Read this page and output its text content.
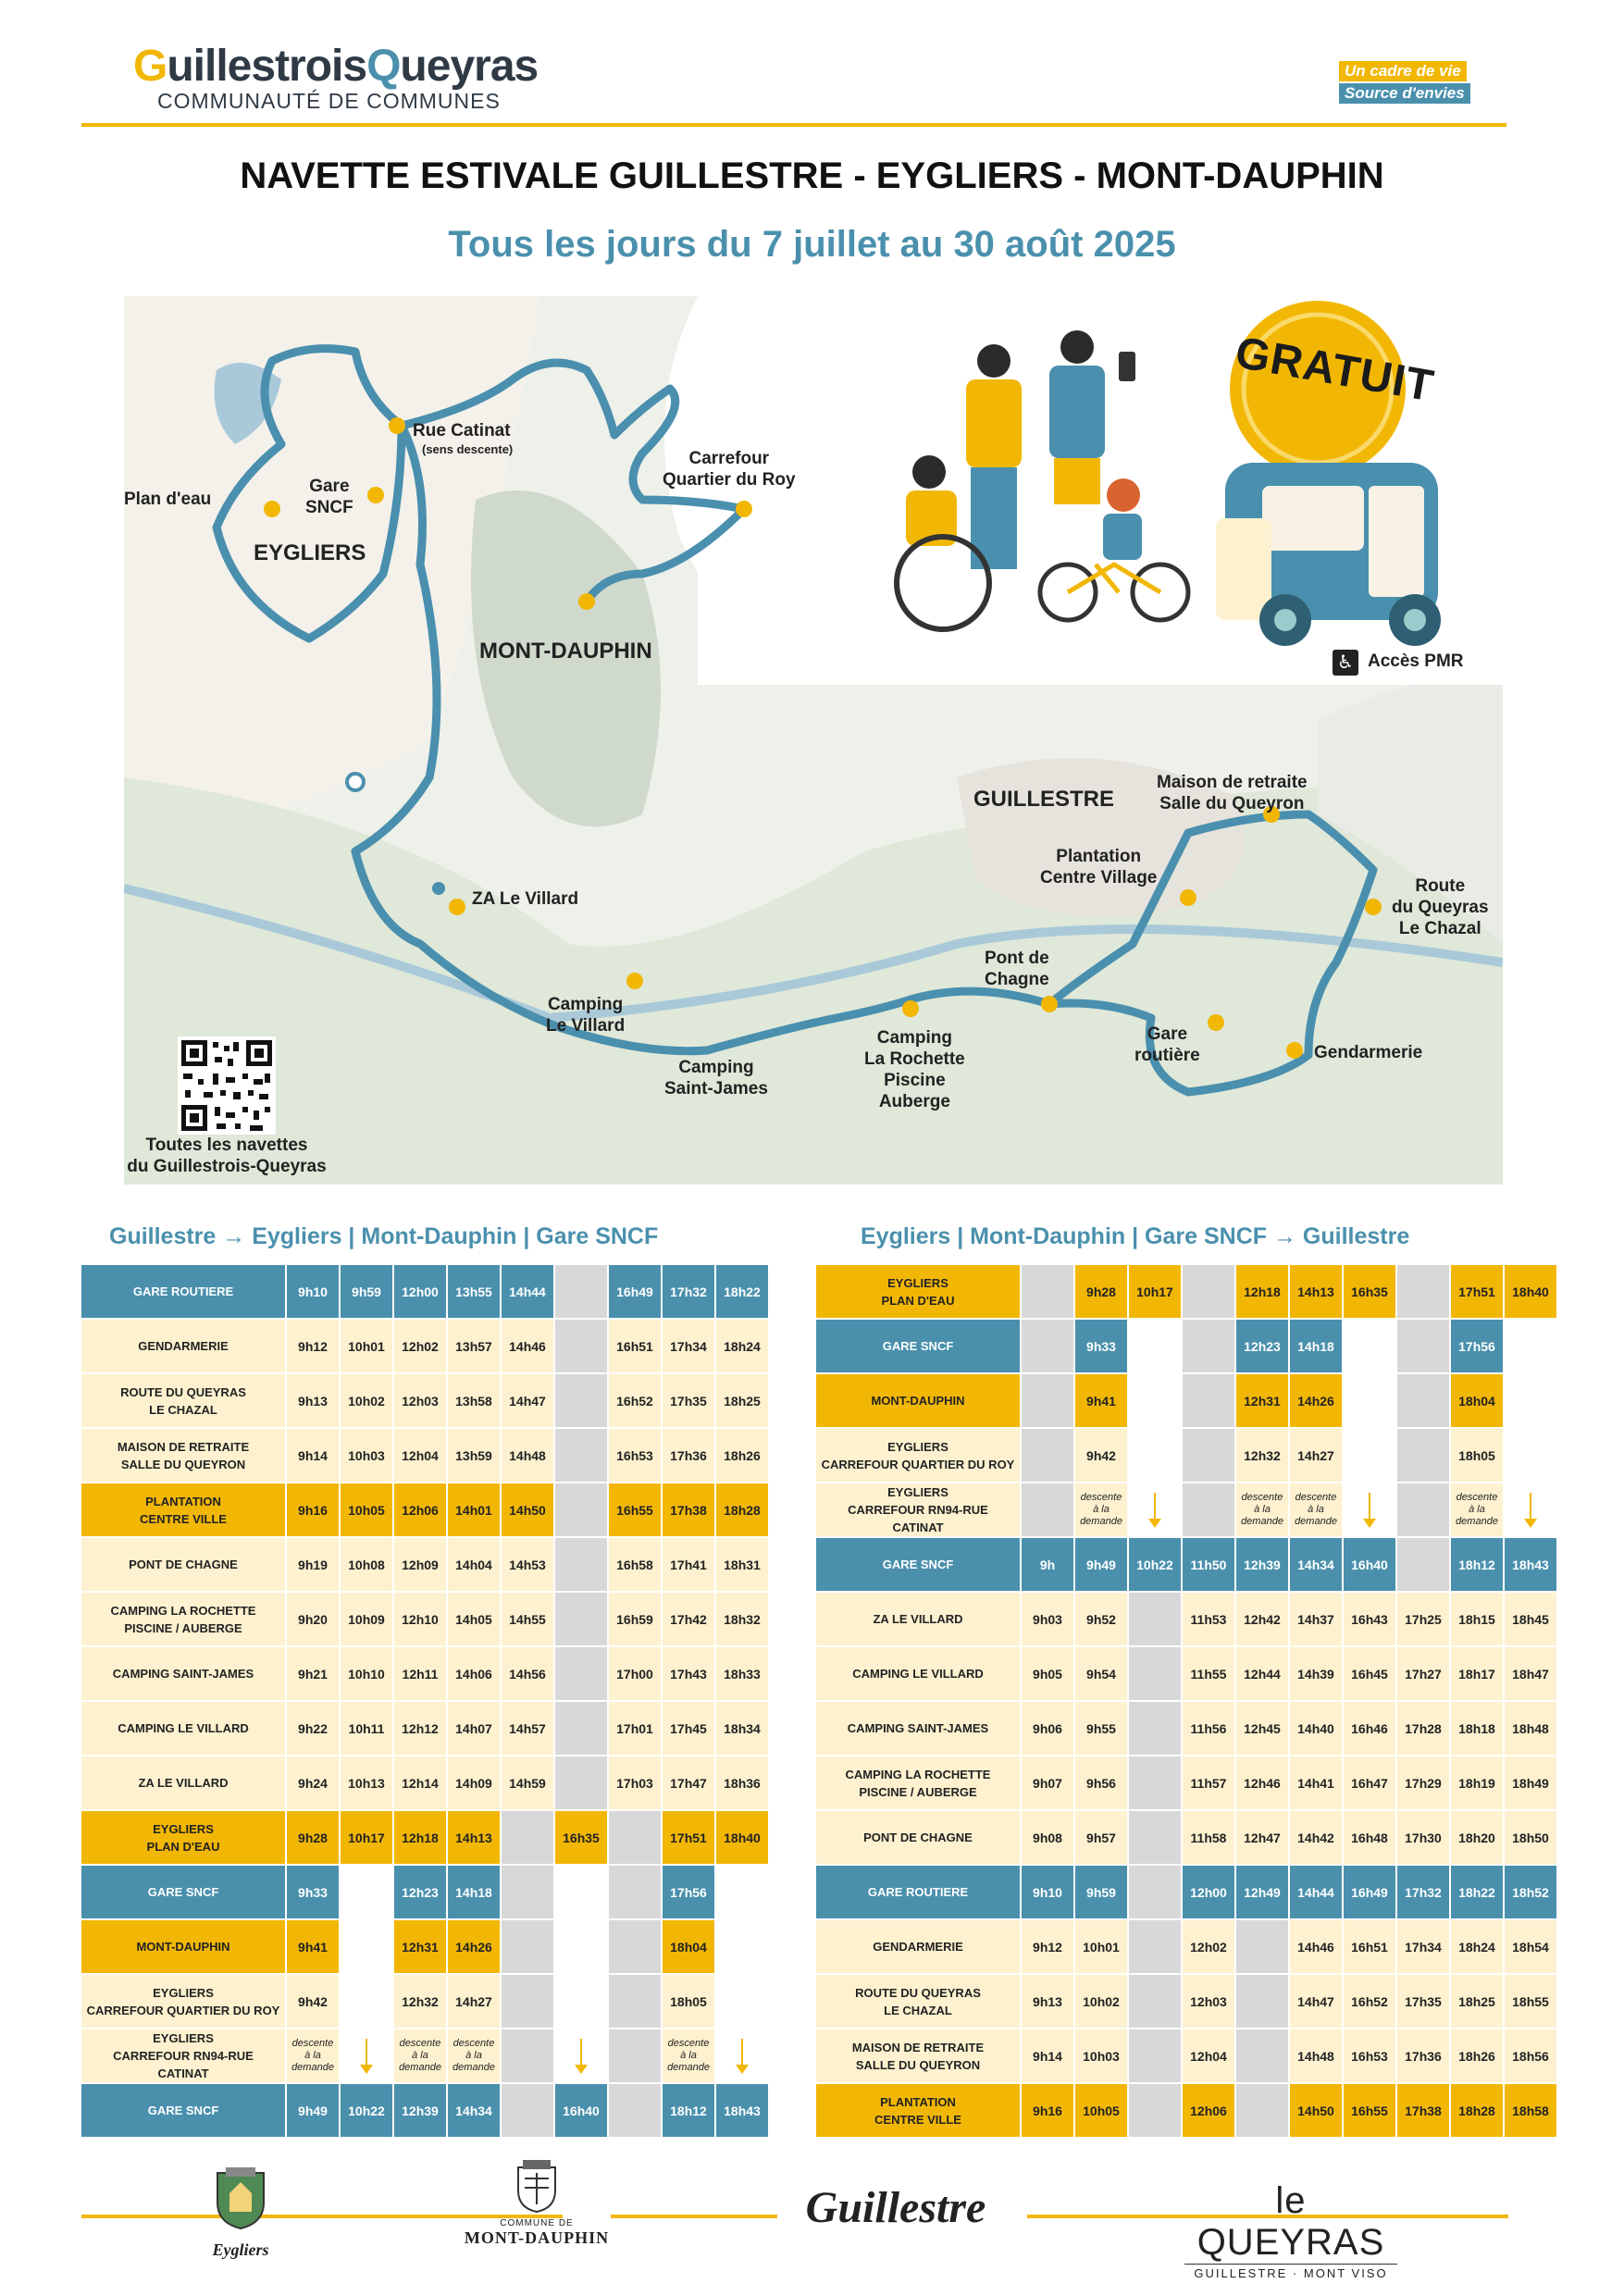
GuillestroisQueyras
COMMUNAUTÉ DE COMMUNES
Un cadre de vie
Source d'envies
NAVETTE ESTIVALE GUILLESTRE - EYGLIERS - MONT-DAUPHIN
Tous les jours du 7 juillet au 30 août 2025
EYGLIERS
MONT-DAUPHIN
GUILLESTRE
Plan d'eau
Gare
SNCF
Rue Catinat
(sens descente)	Carrefour
Quartier du Roy
ZA Le Villard
Camping
Le Villard
Camping
Saint-James
Camping
La Rochette
Piscine
Auberge
Pont de
Chagne
Plantation
Centre Village
Maison de retraite
Salle du Queyron
Route
du Queyras
Le Chazal
Gare
routière	Gendarmerie
GRATUIT
♿ Accès PMR
Toutes les navettes
du Guillestrois-Queyras
Guillestre → Eygliers | Mont-Dauphin | Gare SNCF	Eygliers | Mont-Dauphin | Gare SNCF → Guillestre
GARE ROUTIERE	9h10	9h59	12h00	13h55	14h44		16h49	17h32	18h22
GENDARMERIE	9h12	10h01	12h02	13h57	14h46		16h51	17h34	18h24
ROUTE DU QUEYRAS
LE CHAZAL	9h13	10h02	12h03	13h58	14h47		16h52	17h35	18h25
MAISON DE RETRAITE
SALLE DU QUEYRON	9h14	10h03	12h04	13h59	14h48		16h53	17h36	18h26
PLANTATION
CENTRE VILLE	9h16	10h05	12h06	14h01	14h50		16h55	17h38	18h28
PONT DE CHAGNE	9h19	10h08	12h09	14h04	14h53		16h58	17h41	18h31
CAMPING LA ROCHETTE
PISCINE / AUBERGE	9h20	10h09	12h10	14h05	14h55		16h59	17h42	18h32
CAMPING SAINT-JAMES	9h21	10h10	12h11	14h06	14h56		17h00	17h43	18h33
CAMPING LE VILLARD	9h22	10h11	12h12	14h07	14h57		17h01	17h45	18h34
ZA LE VILLARD	9h24	10h13	12h14	14h09	14h59		17h03	17h47	18h36
EYGLIERS
PLAN D'EAU	9h28	10h17	12h18	14h13		16h35		17h51	18h40
GARE SNCF	9h33		12h23	14h18				17h56	
MONT-DAUPHIN	9h41		12h31	14h26				18h04	
EYGLIERS
CARREFOUR QUARTIER DU ROY	9h42		12h32	14h27				18h05	
EYGLIERS
CARREFOUR RN94-RUE
CATINAT	descente à la demande		descente à la demande	descente à la demande				descente à la demande	
GARE SNCF	9h49	10h22	12h39	14h34		16h40		18h12	18h43
EYGLIERS
PLAN D'EAU		9h28	10h17		12h18	14h13	16h35		17h51	18h40
GARE SNCF		9h33			12h23	14h18			17h56	
MONT-DAUPHIN		9h41			12h31	14h26			18h04	
EYGLIERS
CARREFOUR QUARTIER DU ROY		9h42			12h32	14h27			18h05	
EYGLIERS
CARREFOUR RN94-RUE
CATINAT		descente à la demande			descente à la demande	descente à la demande			descente à la demande	
GARE SNCF	9h	9h49	10h22	11h50	12h39	14h34	16h40		18h12	18h43
ZA LE VILLARD	9h03	9h52		11h53	12h42	14h37	16h43	17h25	18h15	18h45
CAMPING LE VILLARD	9h05	9h54		11h55	12h44	14h39	16h45	17h27	18h17	18h47
CAMPING SAINT-JAMES	9h06	9h55		11h56	12h45	14h40	16h46	17h28	18h18	18h48
CAMPING LA ROCHETTE
PISCINE / AUBERGE	9h07	9h56		11h57	12h46	14h41	16h47	17h29	18h19	18h49
PONT DE CHAGNE	9h08	9h57		11h58	12h47	14h42	16h48	17h30	18h20	18h50
GARE ROUTIERE	9h10	9h59		12h00	12h49	14h44	16h49	17h32	18h22	18h52
GENDARMERIE	9h12	10h01		12h02		14h46	16h51	17h34	18h24	18h54
ROUTE DU QUEYRAS
LE CHAZAL	9h13	10h02		12h03		14h47	16h52	17h35	18h25	18h55
MAISON DE RETRAITE
SALLE DU QUEYRON	9h14	10h03		12h04		14h48	16h53	17h36	18h26	18h56
PLANTATION
CENTRE VILLE	9h16	10h05		12h06		14h50	16h55	17h38	18h28	18h58
Eygliers
COMMUNE DE
MONT-DAUPHIN
Guillestre	le QUEYRAS
GUILLESTRE · MONT VISO
